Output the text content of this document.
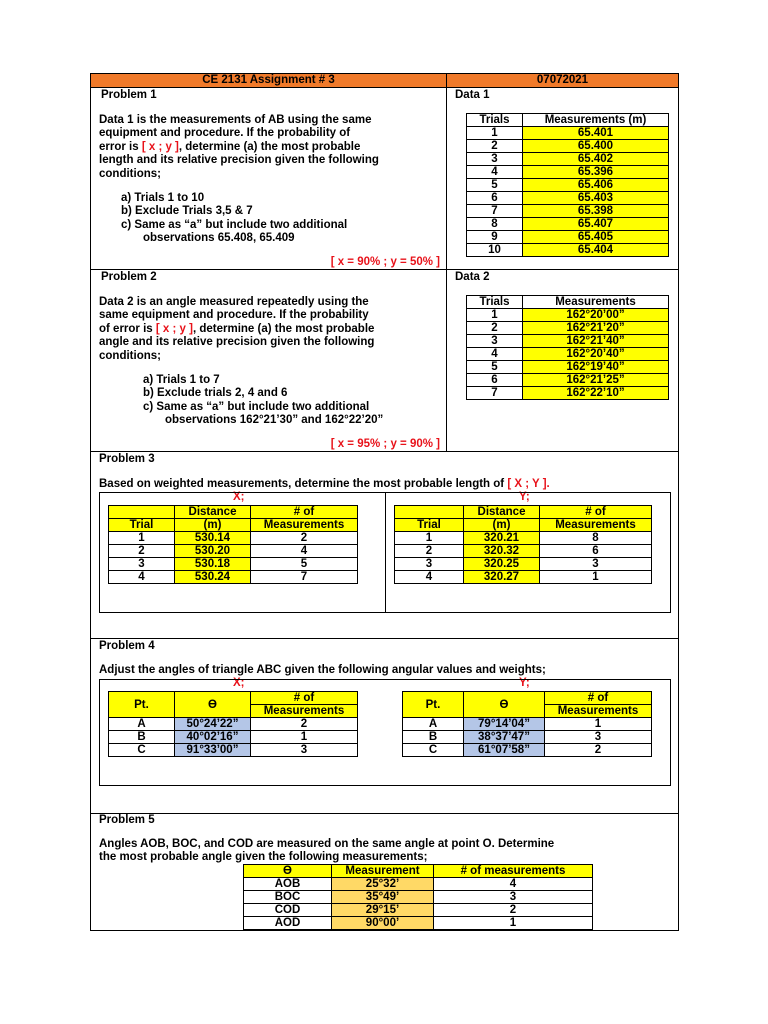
CE 2131 Assignment # 3	07072021
Problem 1	Data 1
Data 1 is the measurements of AB using the same
equipment and procedure. If the probability of
error is [ x ; y ], determine (a) the most probable
length and its relative precision given the following
conditions;
a) Trials 1 to 10
b) Exclude Trials 3,5 & 7
c) Same as “a” but include two additional
observations 65.408, 65.409
[ x = 90% ; y = 50% ]
Trials	Measurements (m)
1	65.401
2	65.400
3	65.402
4	65.396
5	65.406
6	65.403
7	65.398
8	65.407
9	65.405
10	65.404
Problem 2	Data 2
Data 2 is an angle measured repeatedly using the
same equipment and procedure. If the probability
of error is [ x ; y ], determine (a) the most probable
angle and its relative precision given the following
conditions;
a) Trials 1 to 7
b) Exclude trials 2, 4 and 6
c) Same as “a” but include two additional
observations 162°21’30” and 162°22’20”
[ x = 95% ; y = 90% ]
Trials	Measurements
1	162°20’00”
2	162°21’20”
3	162°21’40”
4	162°20’40”
5	162°19’40”
6	162°21’25”
7	162°22’10”
Problem 3
Based on weighted measurements, determine the most probable length of [ X ; Y ].
X;	Y;
	Distance	# of
Trial	(m)	Measurements
1	530.14	2
2	530.20	4
3	530.18	5
4	530.24	7
	Distance	# of
Trial	(m)	Measurements
1	320.21	8
2	320.32	6
3	320.25	3
4	320.27	1
Problem 4
Adjust the angles of triangle ABC given the following angular values and weights;
X;	Y;
Pt.	ϴ	# of
		Measurements
A	50°24’22”	2
B	40°02’16”	1
C	91°33’00”	3
Pt.	ϴ	# of
		Measurements
A	79°14’04”	1
B	38°37’47”	3
C	61°07’58”	2
Problem 5
Angles AOB, BOC, and COD are measured on the same angle at point O. Determine
the most probable angle given the following measurements;
ϴ	Measurement	# of measurements
AOB	25°32’	4
BOC	35°49’	3
COD	29°15’	2
AOD	90°00’	1
